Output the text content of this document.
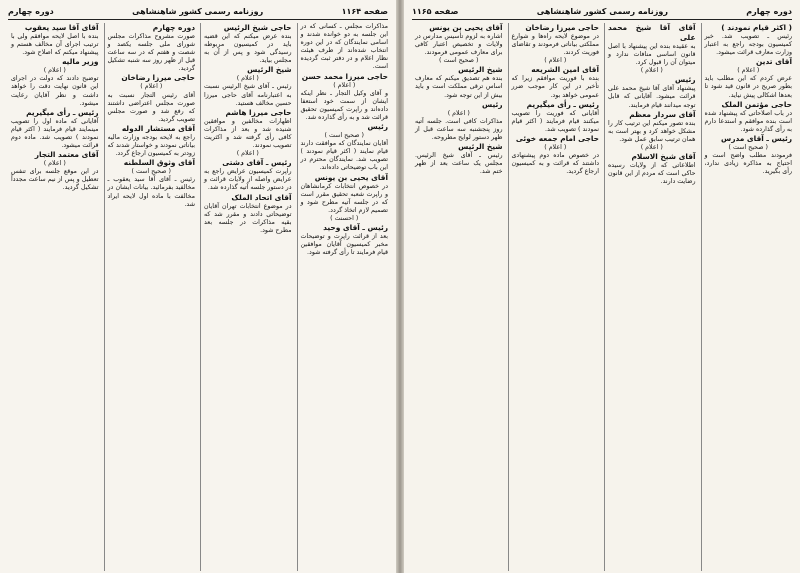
صفحه ۱۱۶۴
روزنامه رسمی کشور شاهنشاهی
دوره چهارم
مذاکرات مجلس ـ کسانی که در این جلسه به دو خوانده شدند و اسامی نمایندگان که در این دوره انتخاب شده‌اند از طرف هیئت نظار اعلام و در دفتر ثبت گردیده است.
حاجی میرزا محمد حسن
( اعلام )
و آقای وکیل التجار ـ نظر اینکه ایشان از سمت خود استعفا داده‌اند و راپرت کمیسیون تحقیق قرائت شد و به رأی گذارده شد.
رئیس
( صحیح است )
آقایان نمایندگان که موافقت دارند قیام نمایند ( اکثر قیام نمودند ) تصویب شد. نمایندگان محترم در این باب توضیحاتی داده‌اند.
آقای یحیی بن یونس
در خصوص انتخابات کرمانشاهان و راپرت شعبه تحقیق مقرر است که در جلسه آتیه مطرح شود و تصمیم لازم اتخاذ گردد.
( احسنت )
رئیس ـ آقای وحید
بعد از قرائت راپرت و توضیحات مخبر کمیسیون آقایان موافقین قیام فرمایند تا رأی گرفته شود.
حاجی شیخ الرئیس
بنده عرض میکنم که این قضیه باید در کمیسیون مربوطه رسیدگی شود و پس از آن به مجلس بیاید.
شیخ الرئیس
( اعلام )
رئیس ـ آقای شیخ الرئیس نسبت به اعتبارنامه آقای حاجی میرزا حسین مخالف هستید.
حاجی میرزا هاشم
اظهارات مخالفین و موافقین شنیده شد و بعد از مذاکرات کافی رأی گرفته شد و اکثریت تصویب نمودند.
( اعلام )
رئیس ـ آقای دشتی
راپرت کمیسیون عرایض راجع به عرایض واصله از ولایات قرائت و در دستور جلسه آتیه گذارده شد.
آقای اتحاد الملک
در موضوع انتخابات تهران آقایان توضیحاتی دادند و مقرر شد که بقیه مذاکرات در جلسه بعد مطرح شود.
دوره چهارم
صورت مشروح مذاکرات مجلس شورای ملی جلسه یکصد و شصت و هفتم که در سه ساعت قبل از ظهر روز سه شنبه تشکیل گردید.
حاجی میرزا رضاخان
( اعلام )
آقای رئیس التجار نسبت به صورت مجلس اعتراضی داشتند که رفع شد و صورت مجلس تصویب گردید.
آقای مستشار الدوله
راجع به لایحه بودجه وزارت مالیه بیاناتی نمودند و خواستار شدند که زودتر به کمیسیون ارجاع گردد.
آقای وثوق السلطنه
( صحیح است )
رئیس ـ آقای آقا سید یعقوب ـ مخالفید بفرمائید. بیانات ایشان در مخالفت با ماده اول لایحه ایراد شد.
آقای آقا سید یعقوب
بنده با اصل لایحه موافقم ولی با ترتیب اجرای آن مخالف هستم و پیشنهاد میکنم که اصلاح شود.
وزیر مالیه
( اعلام )
توضیح دادند که دولت در اجرای این قانون نهایت دقت را خواهد داشت و نظر آقایان رعایت میشود.
رئیس ـ رأی میگیریم
آقایانی که ماده اول را تصویب مینمایند قیام فرمایند ( اکثر قیام نمودند ) تصویب شد. ماده دوم قرائت میشود.
آقای معتمد التجار
( اعلام )
در این موقع جلسه برای تنفس تعطیل و پس از نیم ساعت مجدداً تشکیل گردید.
دوره چهارم
روزنامه رسمی کشور شاهنشاهی
صفحه ۱۱۶۵
( اکثر قیام نمودند )
رئیس ـ تصویب شد. خبر کمیسیون بودجه راجع به اعتبار وزارت معارف قرائت میشود.
آقای تدین
( اعلام )
عرض کردم که این مطلب باید بطور صریح در قانون قید شود تا بعدها اشکالی پیش نیاید.
حاجی مؤتمن الملک
در باب اصلاحاتی که پیشنهاد شده است بنده موافقم و استدعا دارم به رأی گذارده شود.
رئیس ـ آقای مدرس
( صحیح است )
فرمودند مطلب واضح است و احتیاج به مذاکره زیادی ندارد، رأی بگیرید.
آقای آقا شیخ محمد علی
به عقیده بنده این پیشنهاد با اصل قانون اساسی منافات ندارد و میتوان آن را قبول کرد.
( اعلام )
رئیس
پیشنهاد آقای آقا شیخ محمد علی قرائت میشود. آقایانی که قابل توجه میدانند قیام فرمایند.
آقای سردار معظم
بنده تصور میکنم این ترتیب کار را مشکل خواهد کرد و بهتر است به همان ترتیب سابق عمل شود.
( اعلام )
آقای شیخ الاسلام
اطلاعاتی که از ولایات رسیده حاکی است که مردم از این قانون رضایت دارند.
حاجی میرزا رضاخان
در موضوع لایحه راه‌ها و شوارع مملکتی بیاناتی فرمودند و تقاضای فوریت کردند.
( اعلام )
آقای امین الشریعه
بنده با فوریت موافقم زیرا که تأخیر در این کار موجب ضرر عمومی خواهد بود.
رئیس ـ رأی میگیریم
آقایانی که فوریت را تصویب میکنند قیام فرمایند ( اکثر قیام نمودند ) تصویب شد.
حاجی امام جمعه خوئی
( اعلام )
در خصوص ماده دوم پیشنهادی داشتند که قرائت و به کمیسیون ارجاع گردید.
آقای یحیی بن یونس
اشاره به لزوم تأسیس مدارس در ولایات و تخصیص اعتبار کافی برای معارف عمومی فرمودند.
( صحیح است )
شیخ الرئیس
بنده هم تصدیق میکنم که معارف اساس ترقی مملکت است و باید بیش از این توجه شود.
رئیس
( اعلام )
مذاکرات کافی است. جلسه آتیه روز پنجشنبه سه ساعت قبل از ظهر دستور لوایح مطروحه.
شیخ الرئیس
رئیس ـ آقای شیخ الرئیس. مجلس یک ساعت بعد از ظهر ختم شد.
